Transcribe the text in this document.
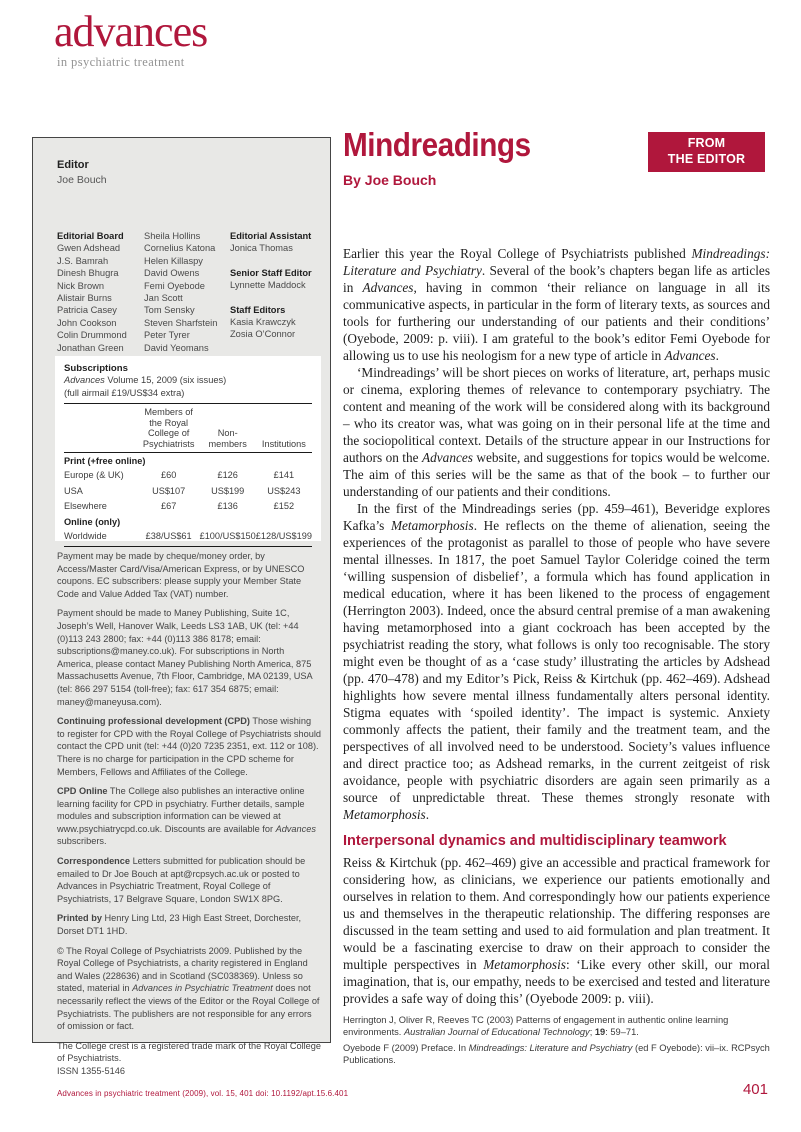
advances
in psychiatric treatment
Editor
Joe Bouch
Editorial Board
Gwen Adshead
J.S. Bamrah
Dinesh Bhugra
Nick Brown
Alistair Burns
Patricia Casey
John Cookson
Colin Drummond
Jonathan Green
Sheila Hollins
Cornelius Katona
Helen Killaspy
David Owens
Femi Oyebode
Jan Scott
Tom Sensky
Steven Sharfstein
Peter Tyrer
David Yeomans
Editorial Assistant
Jonica Thomas
Senior Staff Editor
Lynnette Maddock
Staff Editors
Kasia Krawczyk
Zosia O’Connor
Subscriptions
Advances Volume 15, 2009 (six issues)
(full airmail £19/US$34 extra)
	Members of the Royal College of Psychiatrists	Non-members	Institutions
Print (+free online)			
Europe (& UK)	£60	£126	£141
USA	US$107	US$199	US$243
Elsewhere	£67	£136	£152
Online (only)			
Worldwide	£38/US$61	£100/US$150	£128/US$199

Payment may be made by cheque/money order, by Access/Master Card/Visa/American Express, or by UNESCO coupons. EC subscribers: please supply your Member State Code and Value Added Tax (VAT) number.

Payment should be made to Maney Publishing, Suite 1C, Joseph’s Well, Hanover Walk, Leeds LS3 1AB, UK (tel: +44 (0)113 243 2800; fax: +44 (0)113 386 8178; email: subscriptions@maney.co.uk). For subscriptions in North America, please contact Maney Publishing North America, 875 Massachusetts Avenue, 7th Floor, Cambridge, MA 02139, USA (tel: 866 297 5154 (toll-free); fax: 617 354 6875; email: maney@maneyusa.com).

Continuing professional development (CPD) Those wishing to register for CPD with the Royal College of Psychiatrists should contact the CPD unit (tel: +44 (0)20 7235 2351, ext. 112 or 108). There is no charge for participation in the CPD scheme for Members, Fellows and Affiliates of the College.

CPD Online The College also publishes an interactive online learning facility for CPD in psychiatry. Further details, sample modules and subscription information can be viewed at www.psychiatrycpd.co.uk. Discounts are available for Advances subscribers.

Correspondence Letters submitted for publication should be emailed to Dr Joe Bouch at apt@rcpsych.ac.uk or posted to Advances in Psychiatric Treatment, Royal College of Psychiatrists, 17 Belgrave Square, London SW1X 8PG.

Printed by Henry Ling Ltd, 23 High East Street, Dorchester, Dorset DT1 1HD.

© The Royal College of Psychiatrists 2009. Published by the Royal College of Psychiatrists, a charity registered in England and Wales (228636) and in Scotland (SC038369). Unless so stated, material in Advances in Psychiatric Treatment does not necessarily reflect the views of the Editor or the Royal College of Psychiatrists. The publishers are not responsible for any errors of omission or fact.

The College crest is a registered trade mark of the Royal College of Psychiatrists.

ISSN 1355-5146

Mindreadings
By Joe Bouch
FROM
THE EDITOR

Earlier this year the Royal College of Psychiatrists published Mindreadings: Literature and Psychiatry. Several of the book’s chapters began life as articles in Advances, having in common ‘their reliance on language in all its communicative aspects, in particular in the form of literary texts, as sources and tools for furthering our understanding of our patients and their conditions’ (Oyebode, 2009: p. viii). I am grateful to the book’s editor Femi Oyebode for allowing us to use his neologism for a new type of article in Advances.

‘Mindreadings’ will be short pieces on works of literature, art, perhaps music or cinema, exploring themes of relevance to contemporary psychiatry. The content and meaning of the work will be considered along with its background – who its creator was, what was going on in their personal life at the time and the sociopolitical context. Details of the structure appear in our Instructions for authors on the Advances website, and suggestions for topics would be welcome. The aim of this series will be the same as that of the book – to further our understanding of our patients and their conditions.

In the first of the Mindreadings series (pp. 459–461), Beveridge explores Kafka’s Metamorphosis. He reflects on the theme of alienation, seeing the experiences of the protagonist as parallel to those of people who have severe mental illnesses. In 1817, the poet Samuel Taylor Coleridge coined the term ‘willing suspension of disbelief’, a formula which has found application in medical education, where it has been likened to the process of engagement (Herrington 2003). Indeed, once the absurd central premise of a man awakening having metamorphosed into a giant cockroach has been accepted by the psychiatrist reading the story, what follows is only too recognisable. The story might even be thought of as a ‘case study’ illustrating the articles by Adshead (pp. 470–478) and my Editor’s Pick, Reiss & Kirtchuk (pp. 462–469). Adshead highlights how severe mental illness fundamentally alters personal identity. Stigma equates with ‘spoiled identity’. The impact is systemic. Anxiety commonly affects the patient, their family and the treatment team, and the perspectives of all involved need to be understood. Society’s values influence and direct practice too; as Adshead remarks, in the current zeitgeist of risk avoidance, people with psychiatric disorders are again seen primarily as a source of unpredictable threat. These themes strongly resonate with Metamorphosis.

Interpersonal dynamics and multidisciplinary teamwork

Reiss & Kirtchuk (pp. 462–469) give an accessible and practical framework for considering how, as clinicians, we experience our patients emotionally and ourselves in relation to them. And correspondingly how our patients experience us and themselves in the therapeutic relationship. The differing responses are discussed in the team setting and used to aid formulation and plan treatment. It would be a fascinating exercise to draw on their approach to consider the multiple perspectives in Metamorphosis: ‘Like every other skill, our moral imagination, that is, our empathy, needs to be exercised and tested and literature provides a safe way of doing this’ (Oyebode 2009: p. viii).

Herrington J, Oliver R, Reeves TC (2003) Patterns of engagement in authentic online learning environments. Australian Journal of Educational Technology; 19: 59–71.
Oyebode F (2009) Preface. In Mindreadings: Literature and Psychiatry (ed F Oyebode): vii–ix. RCPsych Publications.
Advances in psychiatric treatment (2009), vol. 15, 401 doi: 10.1192/apt.15.6.401	401
